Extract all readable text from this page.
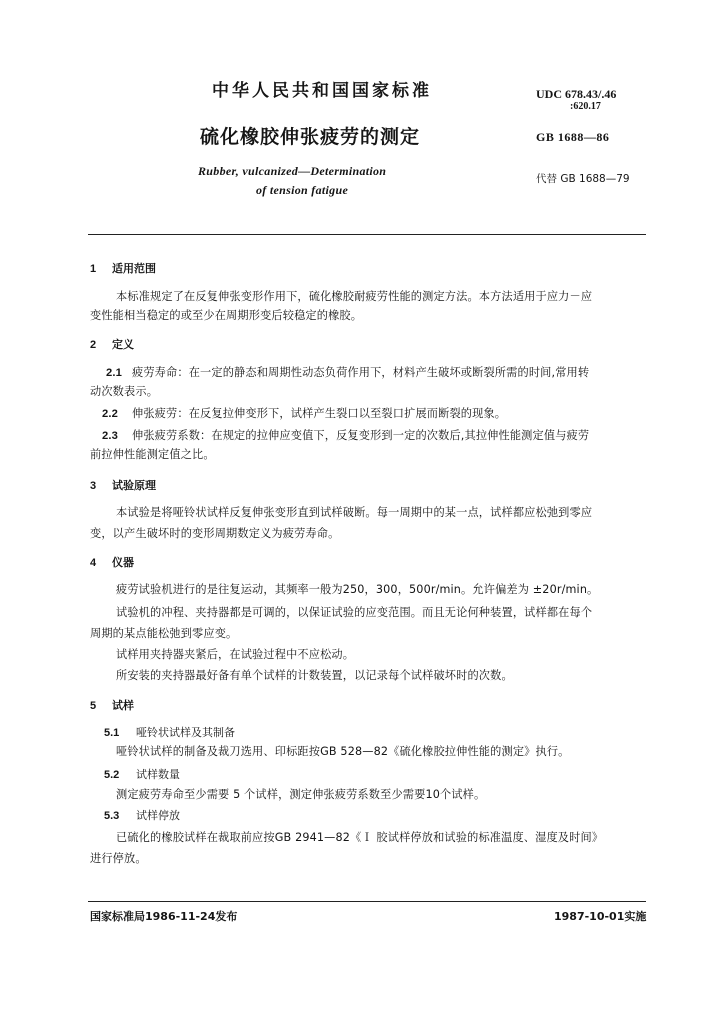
中华人民共和国国家标准	UDC 678.43/.46
:620.17
硫化橡胶伸张疲劳的测定	GB 1688—86
Rubber, vulcanized—Determination
of tension fatigue
代替 GB 1688—79
1 适用范围
本标准规定了在反复伸张变形作用下，硫化橡胶耐疲劳性能的测定方法。本方法适用于应力－应
变性能相当稳定的或至少在周期形变后较稳定的橡胶。
2 定义
2.1 疲劳寿命：在一定的静态和周期性动态负荷作用下，材料产生破坏或断裂所需的时间,常用转
动次数表示。
2.2 伸张疲劳：在反复拉伸变形下，试样产生裂口以至裂口扩展而断裂的现象。
2.3 伸张疲劳系数：在规定的拉伸应变值下，反复变形到一定的次数后,其拉伸性能测定值与疲劳
前拉伸性能测定值之比。
3 试验原理
本试验是将哑铃状试样反复伸张变形直到试样破断。每一周期中的某一点，试样都应松弛到零应
变，以产生破坏时的变形周期数定义为疲劳寿命。
4 仪器
疲劳试验机进行的是往复运动，其频率一般为250，300，500r/min。允许偏差为 ±20r/min。
试验机的冲程、夹持器都是可调的，以保证试验的应变范围。而且无论何种装置，试样都在每个
周期的某点能松弛到零应变。
试样用夹持器夹紧后，在试验过程中不应松动。
所安装的夹持器最好备有单个试样的计数装置，以记录每个试样破坏时的次数。
5 试样
5.1 哑铃状试样及其制备
哑铃状试样的制备及裁刀选用、印标距按GB 528—82《硫化橡胶拉伸性能的测定》执行。
5.2 试样数量
测定疲劳寿命至少需要 5 个试样，测定伸张疲劳系数至少需要10个试样。
5.3 试样停放
已硫化的橡胶试样在裁取前应按GB 2941—82《Ｉ 胶试样停放和试验的标准温度、湿度及时间》
进行停放。
国家标准局1986-11-24发布	1987-10-01实施
